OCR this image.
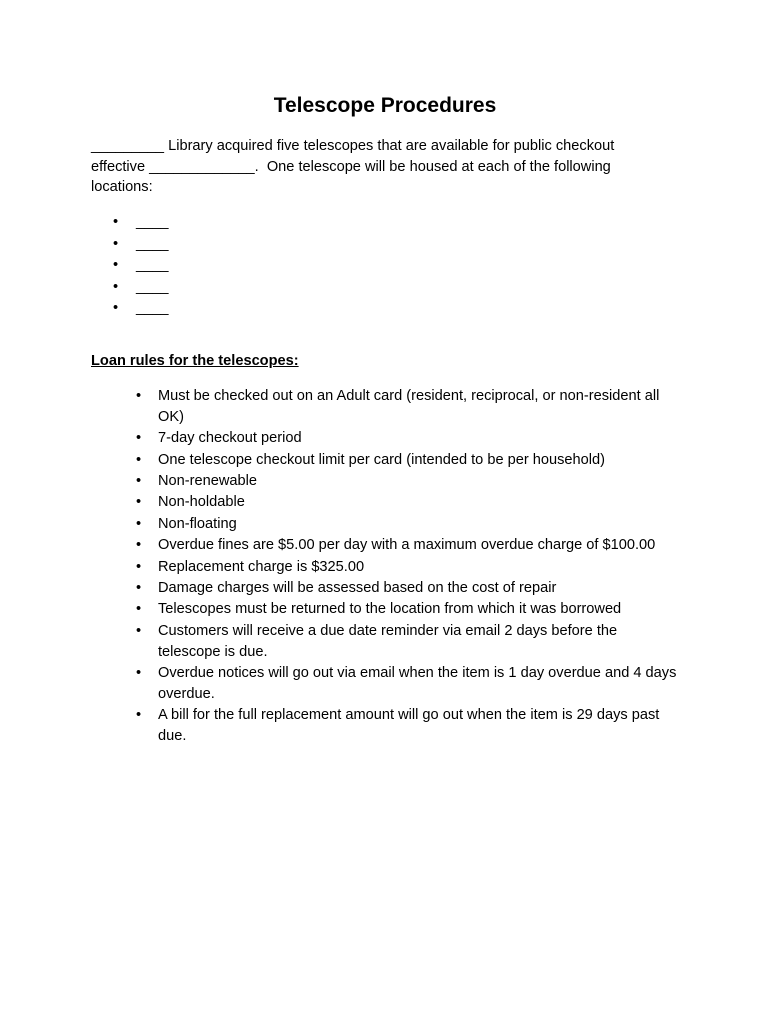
Telescope Procedures

_________ Library acquired five telescopes that are available for public checkout
effective _____________.  One telescope will be housed at each of the following
locations:

• ____
• ____
• ____
• ____
• ____
Loan rules for the telescopes:
• Must be checked out on an Adult card (resident, reciprocal, or non-resident all OK)
• 7-day checkout period
• One telescope checkout limit per card (intended to be per household)
• Non-renewable
• Non-holdable
• Non-floating
• Overdue fines are $5.00 per day with a maximum overdue charge of $100.00
• Replacement charge is $325.00
• Damage charges will be assessed based on the cost of repair
• Telescopes must be returned to the location from which it was borrowed
• Customers will receive a due date reminder via email 2 days before the telescope is due.
• Overdue notices will go out via email when the item is 1 day overdue and 4 days overdue.
• A bill for the full replacement amount will go out when the item is 29 days past due.
